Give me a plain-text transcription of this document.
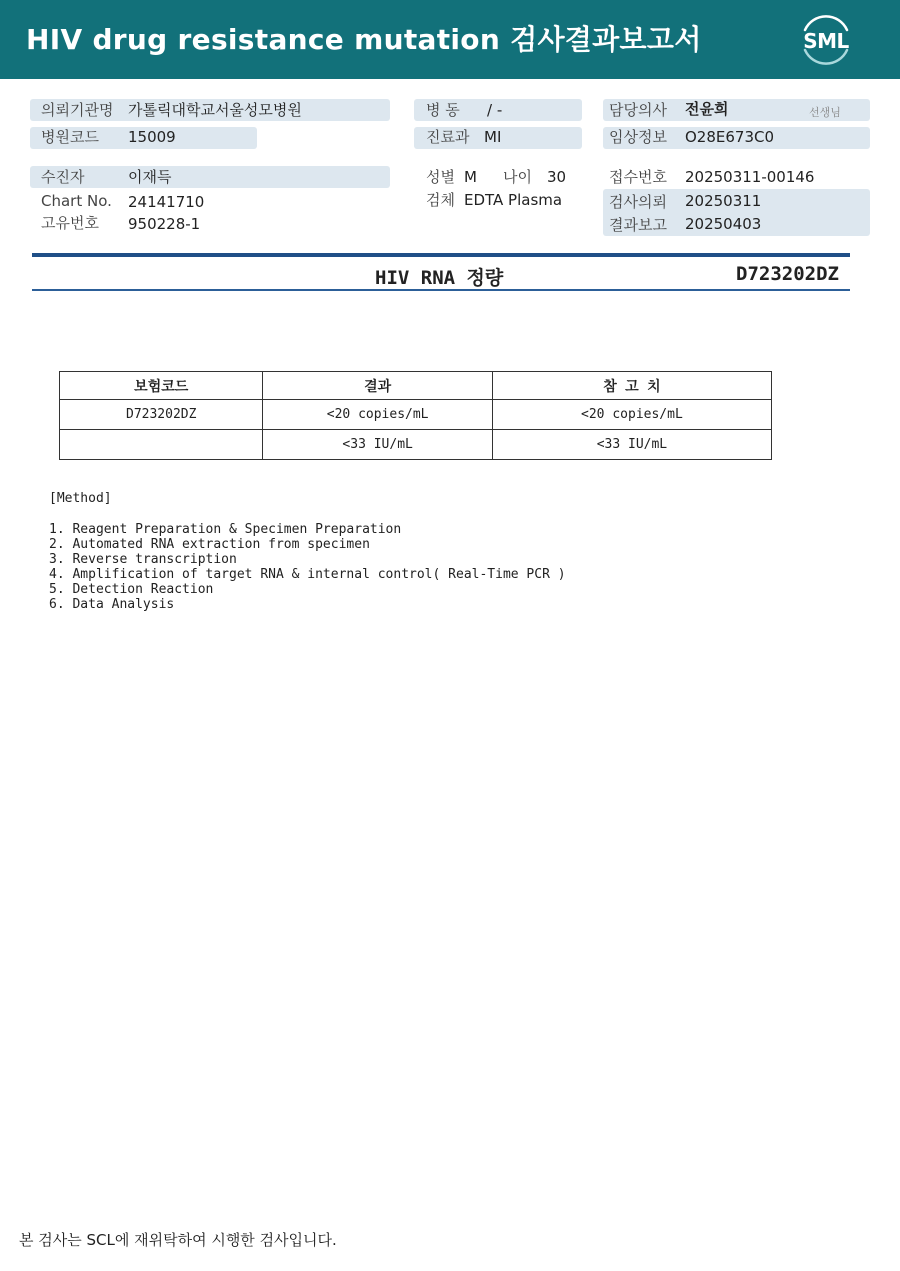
HIV drug resistance mutation 검사결과보고서	SML
의뢰기관명 가톨릭대학교서울성모병원
병원코드 15009
수진자	이재득
Chart No. 24141710
고유번호 950228-1
병 동 / -
진료과 MI
성별 M 나이 30
검체 EDTA Plasma
담당의사 전윤희	선생님
임상정보 O28E673C0
접수번호 20250311-00146
검사의뢰 20250311
결과보고 20250403
HIV RNA 정량	D723202DZ
보험코드	결과	참 고 치
D723202DZ	<20 copies/mL	<20 copies/mL
	<33 IU/mL	<33 IU/mL
[Method]
1. Reagent Preparation & Specimen Preparation
2. Automated RNA extraction from specimen
3. Reverse transcription
4. Amplification of target RNA & internal control( Real-Time PCR )
5. Detection Reaction
6. Data Analysis
본 검사는 SCL에 재위탁하여 시행한 검사입니다.
